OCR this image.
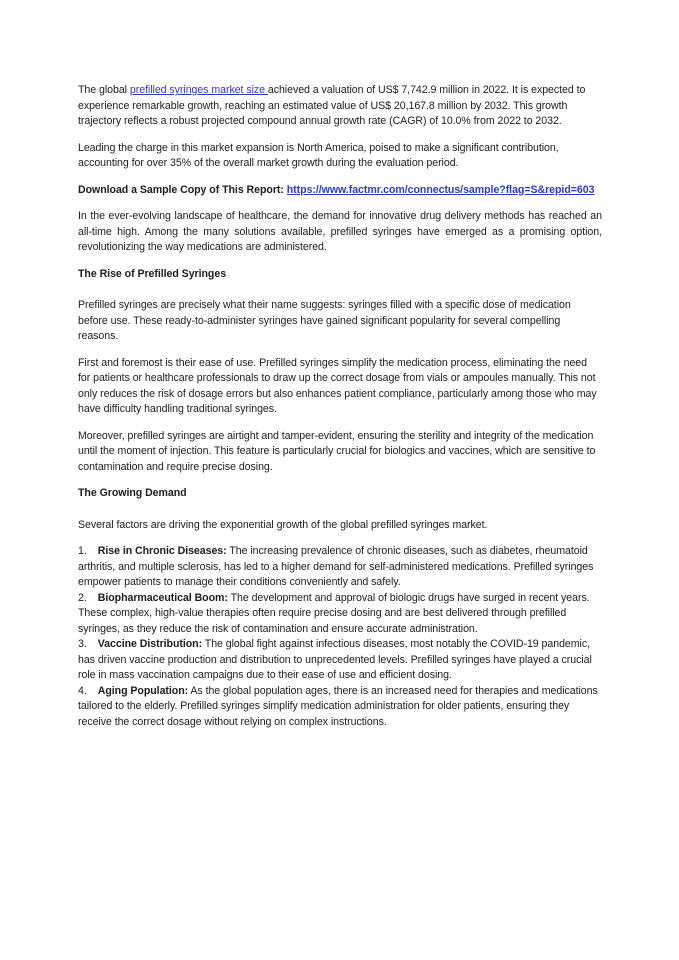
The global prefilled syringes market size achieved a valuation of US$ 7,742.9 million in 2022. It is expected to experience remarkable growth, reaching an estimated value of US$ 20,167.8 million by 2032. This growth trajectory reflects a robust projected compound annual growth rate (CAGR) of 10.0% from 2022 to 2032.

Leading the charge in this market expansion is North America, poised to make a significant contribution, accounting for over 35% of the overall market growth during the evaluation period.

Download a Sample Copy of This Report: https://www.factmr.com/connectus/sample?flag=S&repid=603

In the ever-evolving landscape of healthcare, the demand for innovative drug delivery methods has reached an all-time high. Among the many solutions available, prefilled syringes have emerged as a promising option, revolutionizing the way medications are administered.

The Rise of Prefilled Syringes

Prefilled syringes are precisely what their name suggests: syringes filled with a specific dose of medication before use. These ready-to-administer syringes have gained significant popularity for several compelling reasons.

First and foremost is their ease of use. Prefilled syringes simplify the medication process, eliminating the need for patients or healthcare professionals to draw up the correct dosage from vials or ampoules manually. This not only reduces the risk of dosage errors but also enhances patient compliance, particularly among those who may have difficulty handling traditional syringes.

Moreover, prefilled syringes are airtight and tamper-evident, ensuring the sterility and integrity of the medication until the moment of injection. This feature is particularly crucial for biologics and vaccines, which are sensitive to contamination and require precise dosing.

The Growing Demand

Several factors are driving the exponential growth of the global prefilled syringes market.

1. Rise in Chronic Diseases: The increasing prevalence of chronic diseases, such as diabetes, rheumatoid arthritis, and multiple sclerosis, has led to a higher demand for self-administered medications. Prefilled syringes empower patients to manage their conditions conveniently and safely.
2. Biopharmaceutical Boom: The development and approval of biologic drugs have surged in recent years. These complex, high-value therapies often require precise dosing and are best delivered through prefilled syringes, as they reduce the risk of contamination and ensure accurate administration.
3. Vaccine Distribution: The global fight against infectious diseases, most notably the COVID-19 pandemic, has driven vaccine production and distribution to unprecedented levels. Prefilled syringes have played a crucial role in mass vaccination campaigns due to their ease of use and efficient dosing.
4. Aging Population: As the global population ages, there is an increased need for therapies and medications tailored to the elderly. Prefilled syringes simplify medication administration for older patients, ensuring they receive the correct dosage without relying on complex instructions.
